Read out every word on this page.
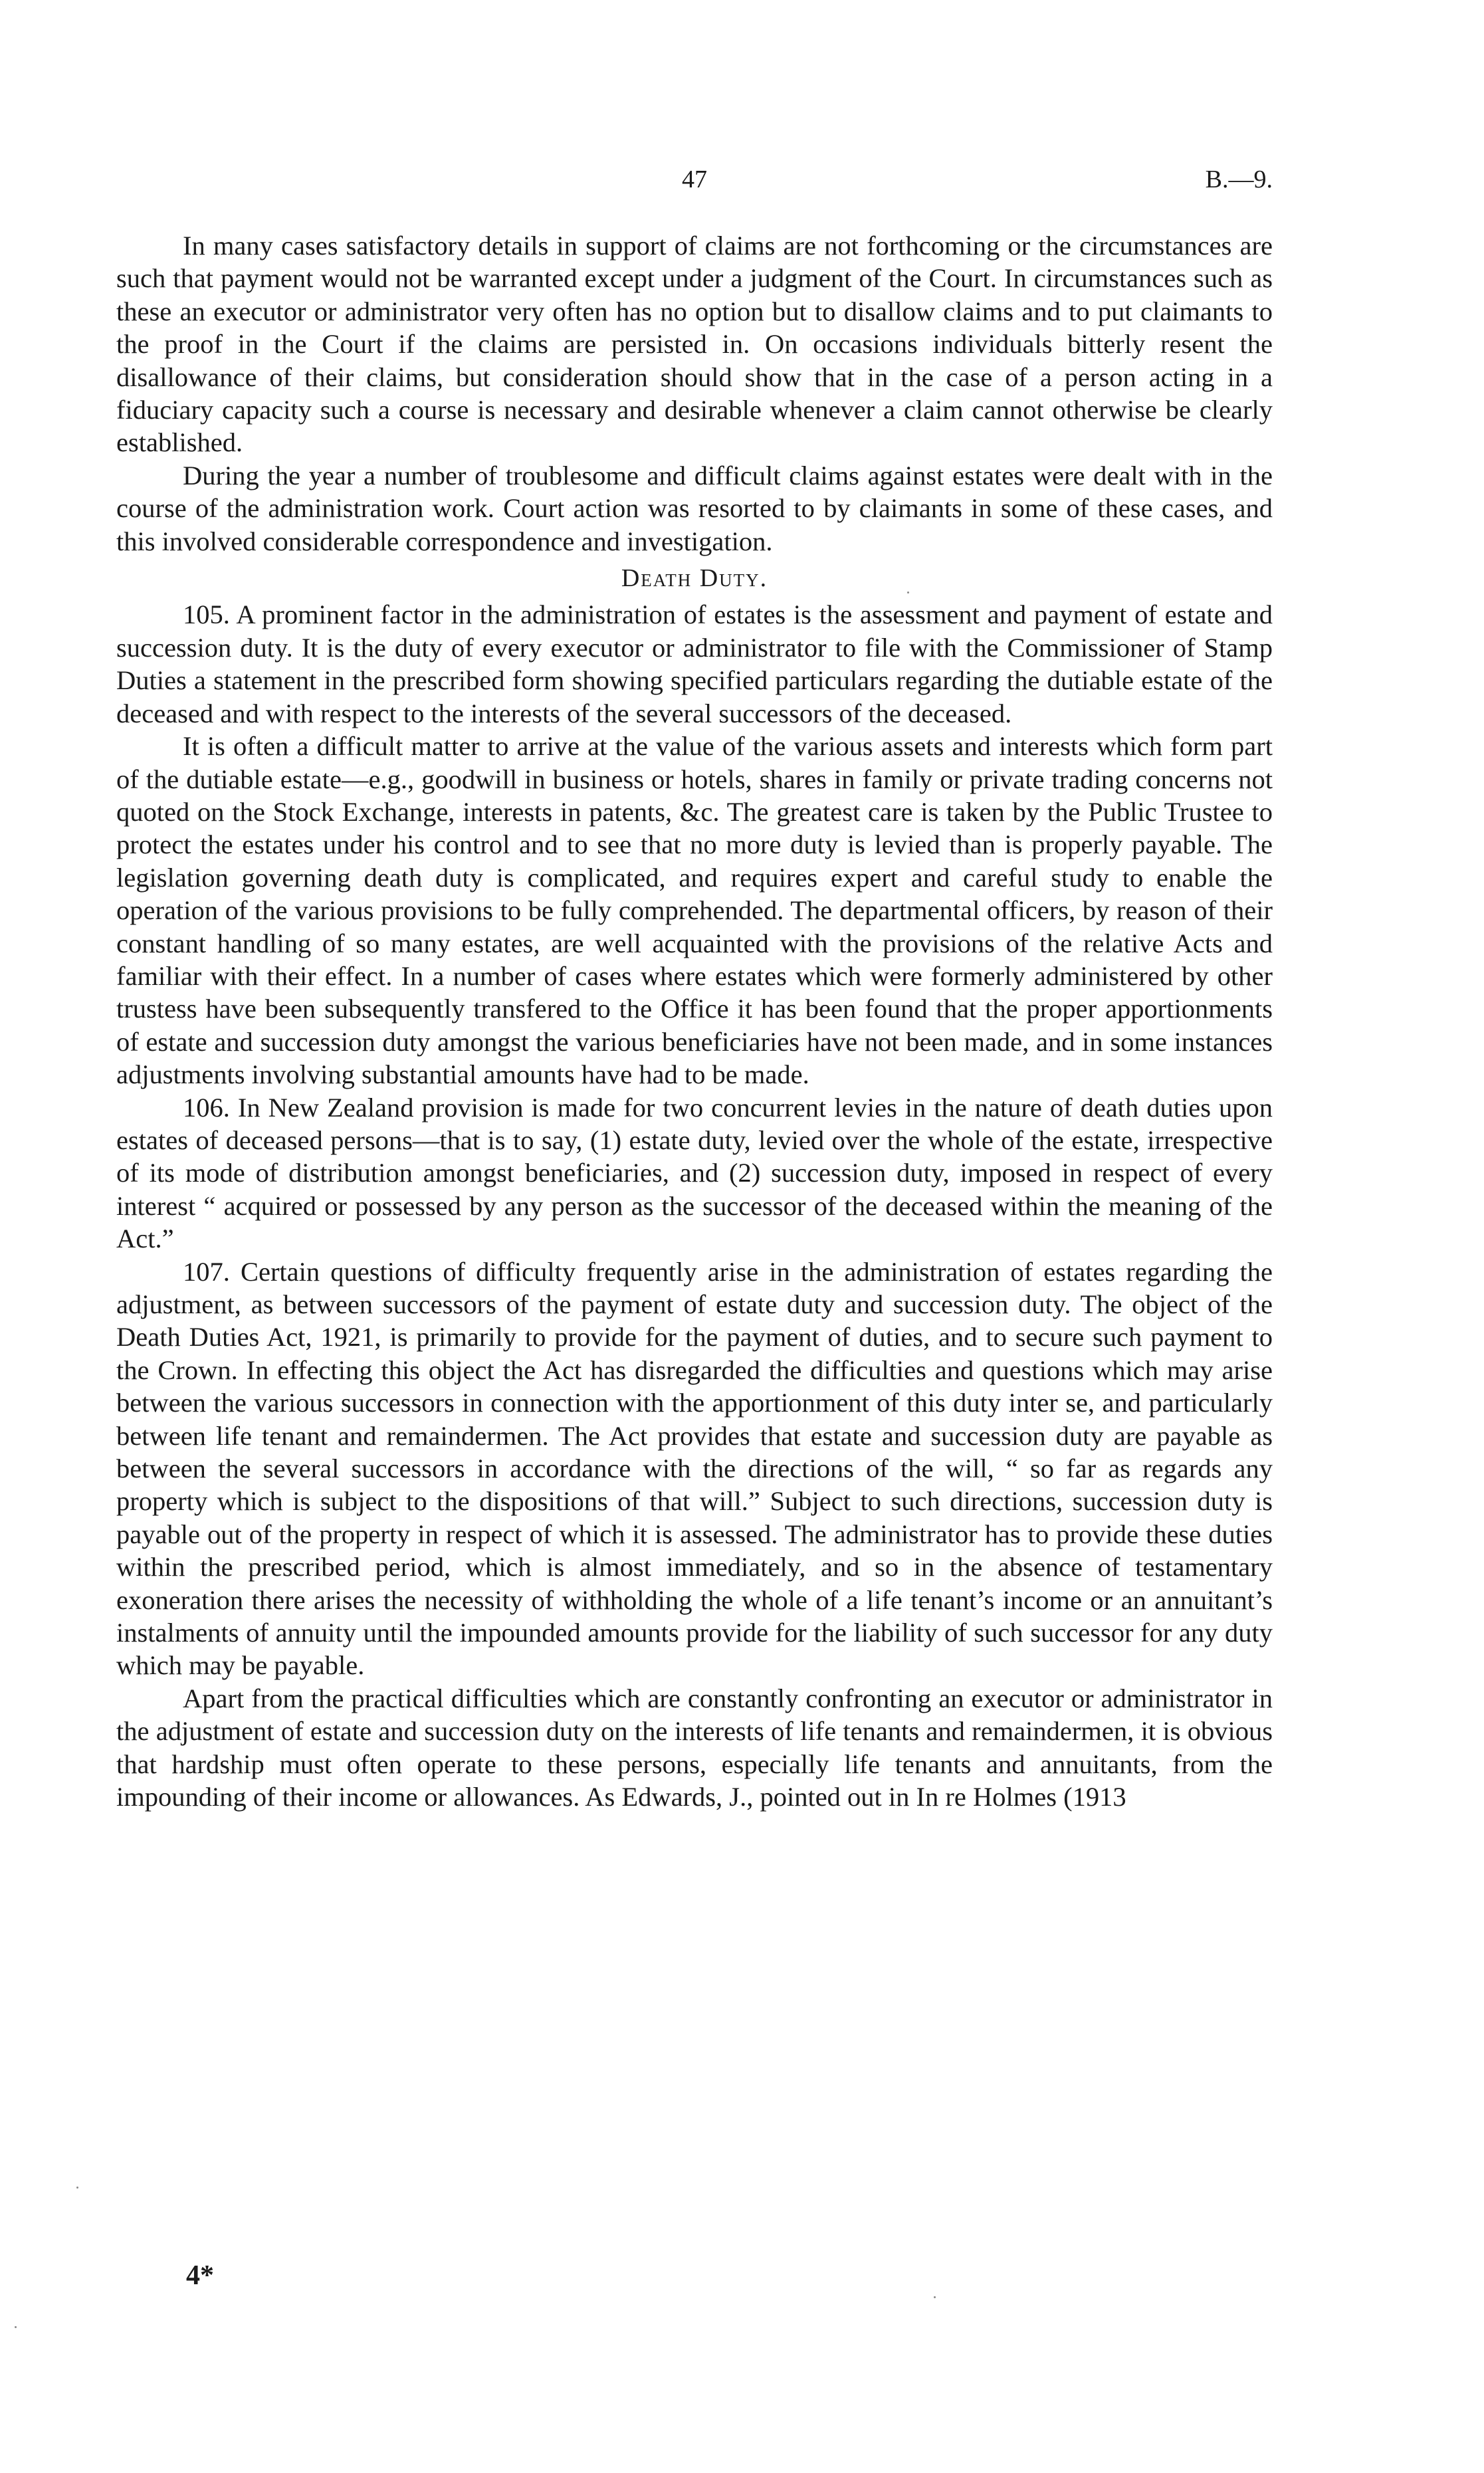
47	B.—9.

In many cases satisfactory details in support of claims are not forthcoming or the circumstances are such that payment would not be warranted except under a judgment of the Court. In circumstances such as these an executor or administrator very often has no option but to disallow claims and to put claimants to the proof in the Court if the claims are persisted in. On occasions individuals bitterly resent the disallowance of their claims, but consideration should show that in the case of a person acting in a fiduciary capacity such a course is necessary and desirable whenever a claim cannot otherwise be clearly established.

During the year a number of troublesome and difficult claims against estates were dealt with in the course of the administration work. Court action was resorted to by claimants in some of these cases, and this involved considerable correspondence and investigation.

Death Duty.

105. A prominent factor in the administration of estates is the assessment and payment of estate and succession duty. It is the duty of every executor or administrator to file with the Commissioner of Stamp Duties a statement in the prescribed form showing specified particulars regarding the dutiable estate of the deceased and with respect to the interests of the several successors of the deceased.

It is often a difficult matter to arrive at the value of the various assets and interests which form part of the dutiable estate—e.g., goodwill in business or hotels, shares in family or private trading concerns not quoted on the Stock Exchange, interests in patents, &c. The greatest care is taken by the Public Trustee to protect the estates under his control and to see that no more duty is levied than is properly payable. The legislation governing death duty is complicated, and requires expert and careful study to enable the operation of the various provisions to be fully comprehended. The departmental officers, by reason of their constant handling of so many estates, are well acquainted with the provisions of the relative Acts and familiar with their effect. In a number of cases where estates which were formerly administered by other trustess have been subsequently transfered to the Office it has been found that the proper apportionments of estate and succession duty amongst the various beneficiaries have not been made, and in some instances adjustments involving substantial amounts have had to be made.

106. In New Zealand provision is made for two concurrent levies in the nature of death duties upon estates of deceased persons—that is to say, (1) estate duty, levied over the whole of the estate, irrespective of its mode of distribution amongst beneficiaries, and (2) succession duty, imposed in respect of every interest “ acquired or possessed by any person as the successor of the deceased within the meaning of the Act.”

107. Certain questions of difficulty frequently arise in the administration of estates regarding the adjustment, as between successors of the payment of estate duty and succession duty. The object of the Death Duties Act, 1921, is primarily to provide for the payment of duties, and to secure such payment to the Crown. In effecting this object the Act has disregarded the difficulties and questions which may arise between the various successors in connection with the apportionment of this duty inter se, and particularly between life tenant and remaindermen. The Act provides that estate and succession duty are payable as between the several successors in accordance with the directions of the will, “ so far as regards any property which is subject to the dispositions of that will.” Subject to such directions, succession duty is payable out of the property in respect of which it is assessed. The administrator has to provide these duties within the prescribed period, which is almost immediately, and so in the absence of testamentary exoneration there arises the necessity of withholding the whole of a life tenant’s income or an annuitant’s instalments of annuity until the impounded amounts provide for the liability of such successor for any duty which may be payable.

Apart from the practical difficulties which are constantly confronting an executor or administrator in the adjustment of estate and succession duty on the interests of life tenants and remaindermen, it is obvious that hardship must often operate to these persons, especially life tenants and annuitants, from the impounding of their income or allowances. As Edwards, J., pointed out in In re Holmes (1913

4*
